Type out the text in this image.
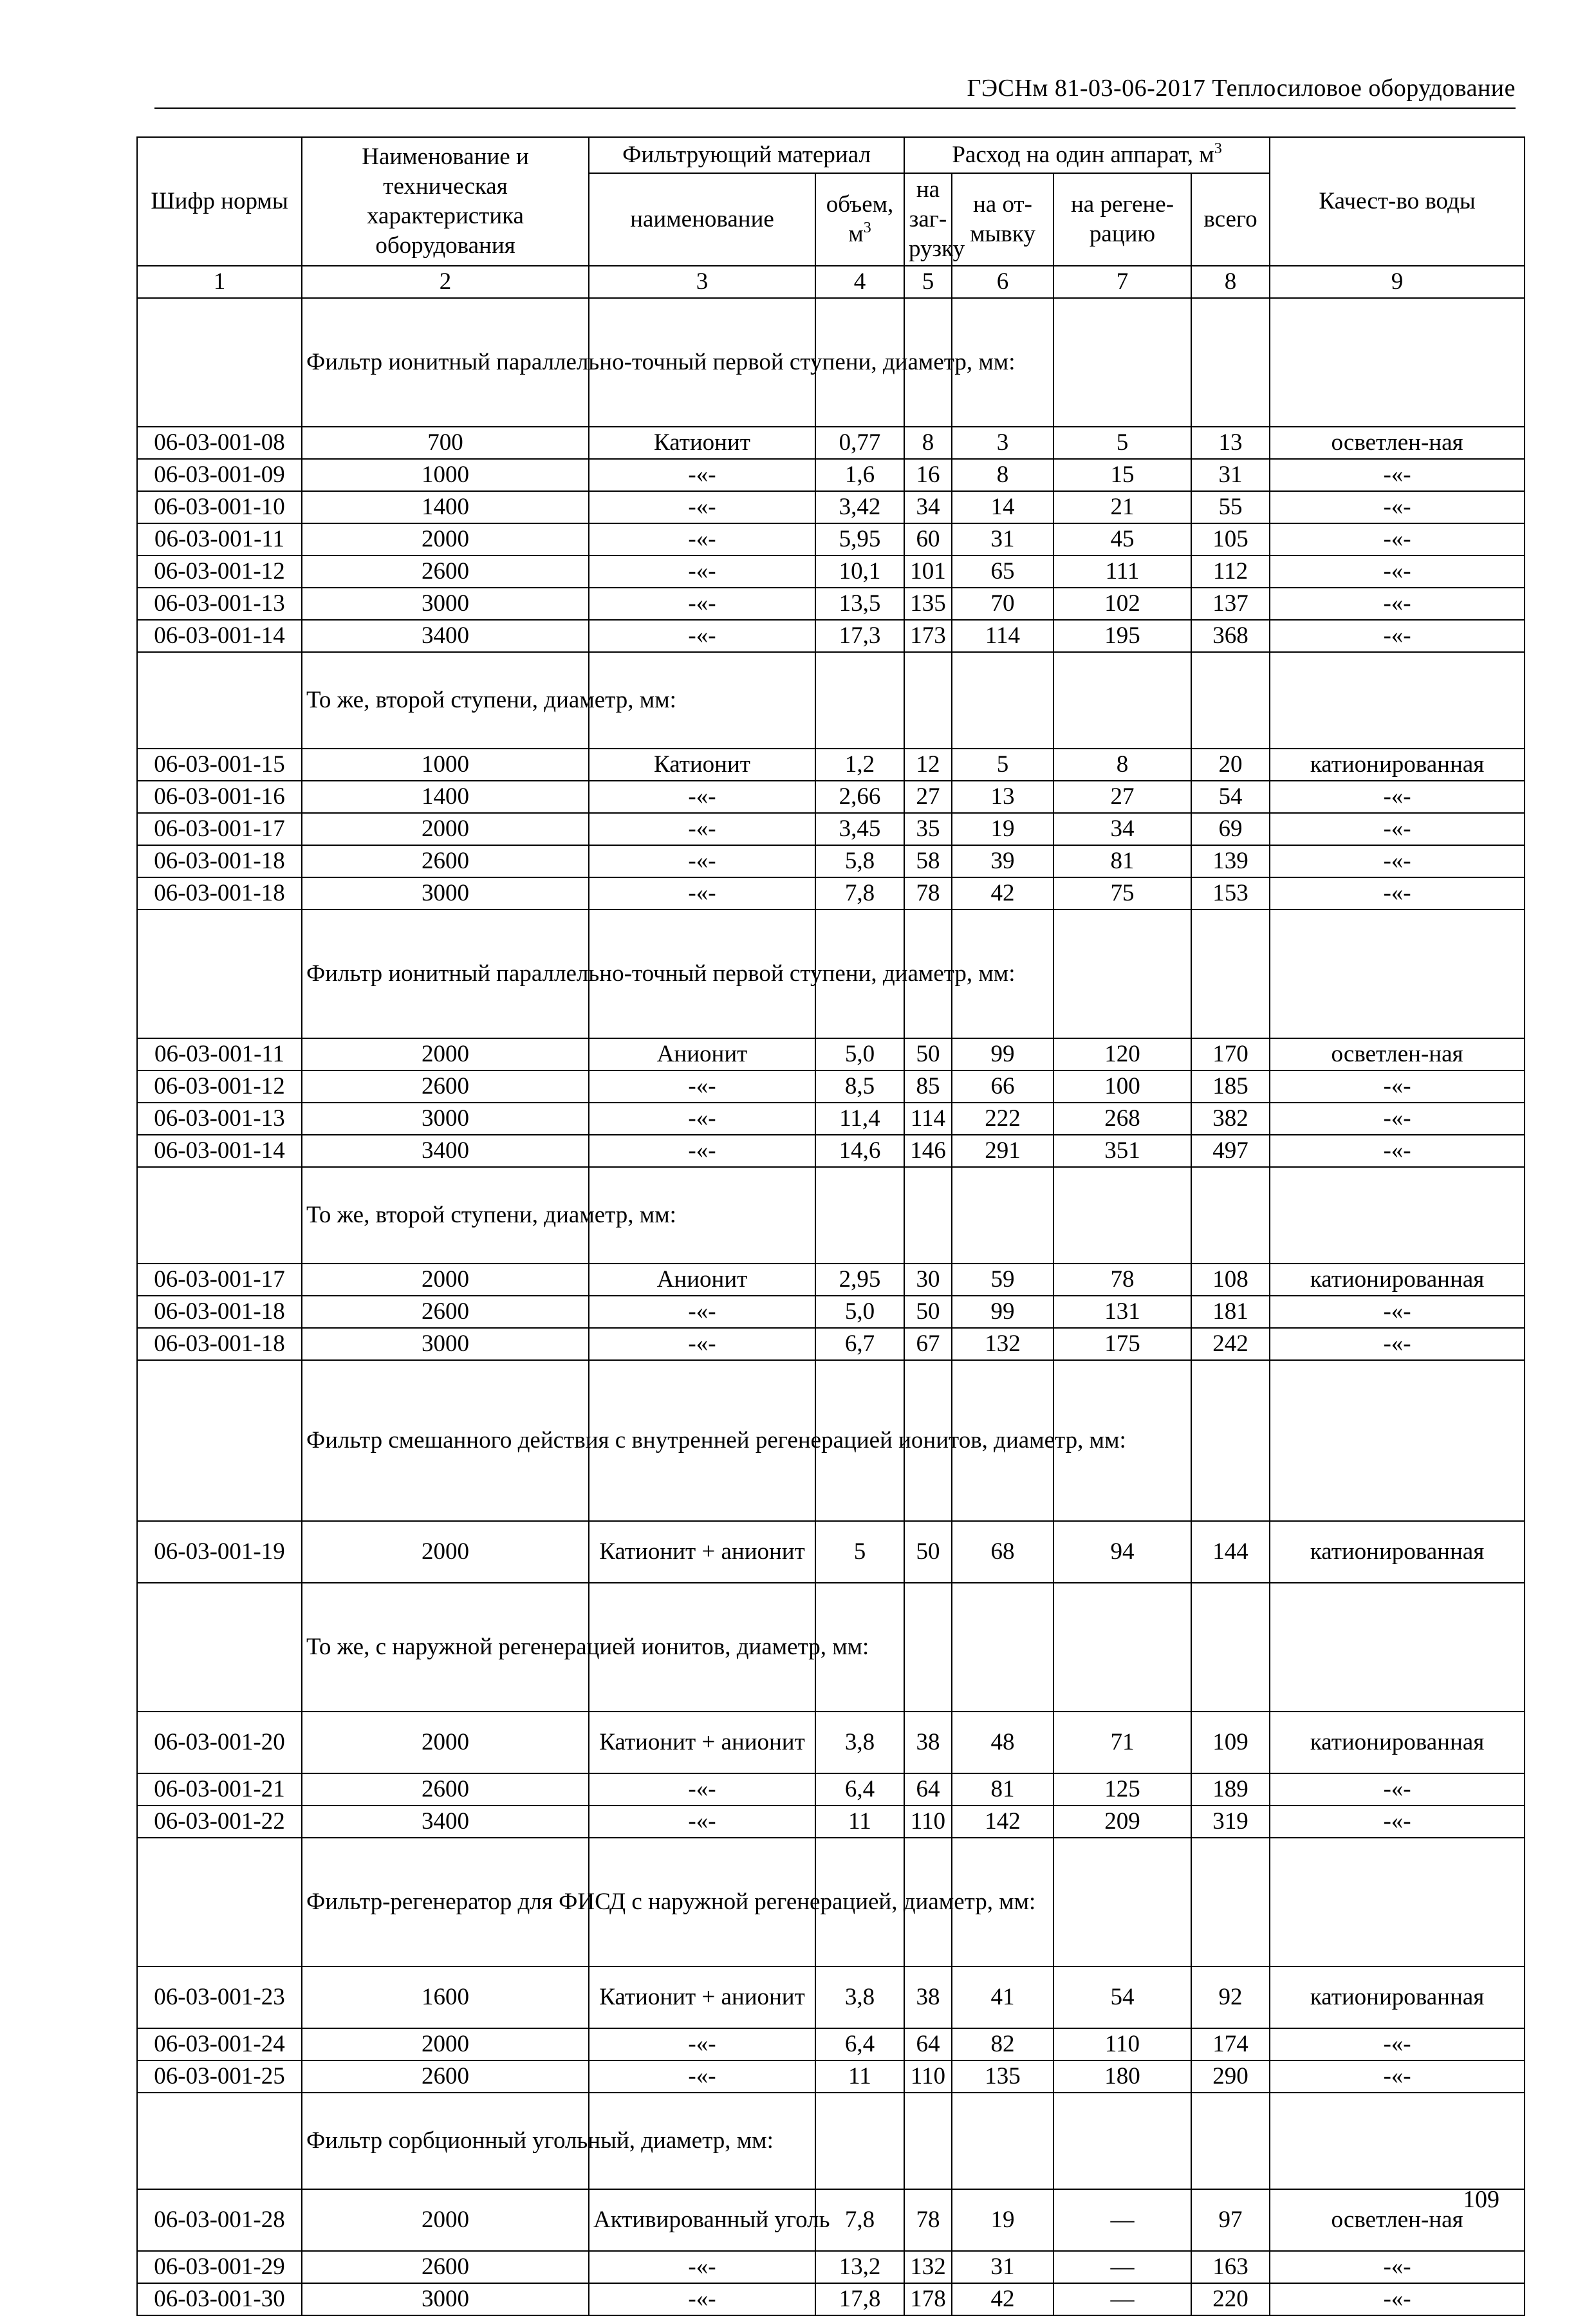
ГЭСНм 81-03-06-2017 Теплосиловое оборудование
Шифр нормы	Наименование и техническая характеристика оборудования	Фильтрующий материал		Расход на один аппарат, $м^3$				Качест-во воды
		наименование	объем, $м^3$	на заг-рузку	на от-мывку	на регене-рацию	всего	
1	2	3	4	5	6	7	8	9
	Фильтр ионитный параллельно-точный первой ступени, диаметр, мм:							
06-03-001-08	700	Катионит	0,77	8	3	5	13	осветлен-ная
06-03-001-09	1000	-«-	1,6	16	8	15	31	-«-
06-03-001-10	1400	-«-	3,42	34	14	21	55	-«-
06-03-001-11	2000	-«-	5,95	60	31	45	105	-«-
06-03-001-12	2600	-«-	10,1	101	65	111	112	-«-
06-03-001-13	3000	-«-	13,5	135	70	102	137	-«-
06-03-001-14	3400	-«-	17,3	173	114	195	368	-«-
	То же, второй ступени, диаметр, мм:							
06-03-001-15	1000	Катионит	1,2	12	5	8	20	катионированная
06-03-001-16	1400	-«-	2,66	27	13	27	54	-«-
06-03-001-17	2000	-«-	3,45	35	19	34	69	-«-
06-03-001-18	2600	-«-	5,8	58	39	81	139	-«-
06-03-001-18	3000	-«-	7,8	78	42	75	153	-«-
	Фильтр ионитный параллельно-точный первой ступени, диаметр, мм:							
06-03-001-11	2000	Анионит	5,0	50	99	120	170	осветлен-ная
06-03-001-12	2600	-«-	8,5	85	66	100	185	-«-
06-03-001-13	3000	-«-	11,4	114	222	268	382	-«-
06-03-001-14	3400	-«-	14,6	146	291	351	497	-«-
	То же, второй ступени, диаметр, мм:							
06-03-001-17	2000	Анионит	2,95	30	59	78	108	катионированная
06-03-001-18	2600	-«-	5,0	50	99	131	181	-«-
06-03-001-18	3000	-«-	6,7	67	132	175	242	-«-
	Фильтр смешанного действия с внутренней регенерацией ионитов, диаметр, мм:							
06-03-001-19	2000	Катионит + анионит	5	50	68	94	144	катионированная
	То же, с наружной регенерацией ионитов, диаметр, мм:							
06-03-001-20	2000	Катионит + анионит	3,8	38	48	71	109	катионированная
06-03-001-21	2600	-«-	6,4	64	81	125	189	-«-
06-03-001-22	3400	-«-	11	110	142	209	319	-«-
	Фильтр-регенератор для ФИСД с наружной регенерацией, диаметр, мм:							
06-03-001-23	1600	Катионит + анионит	3,8	38	41	54	92	катионированная
06-03-001-24	2000	-«-	6,4	64	82	110	174	-«-
06-03-001-25	2600	-«-	11	110	135	180	290	-«-
	Фильтр сорбционный угольный, диаметр, мм:							
06-03-001-28	2000	Активированный уголь	7,8	78	19	—	97	осветлен-ная
06-03-001-29	2600	-«-	13,2	132	31	—	163	-«-
06-03-001-30	3000	-«-	17,8	178	42	—	220	-«-
109
